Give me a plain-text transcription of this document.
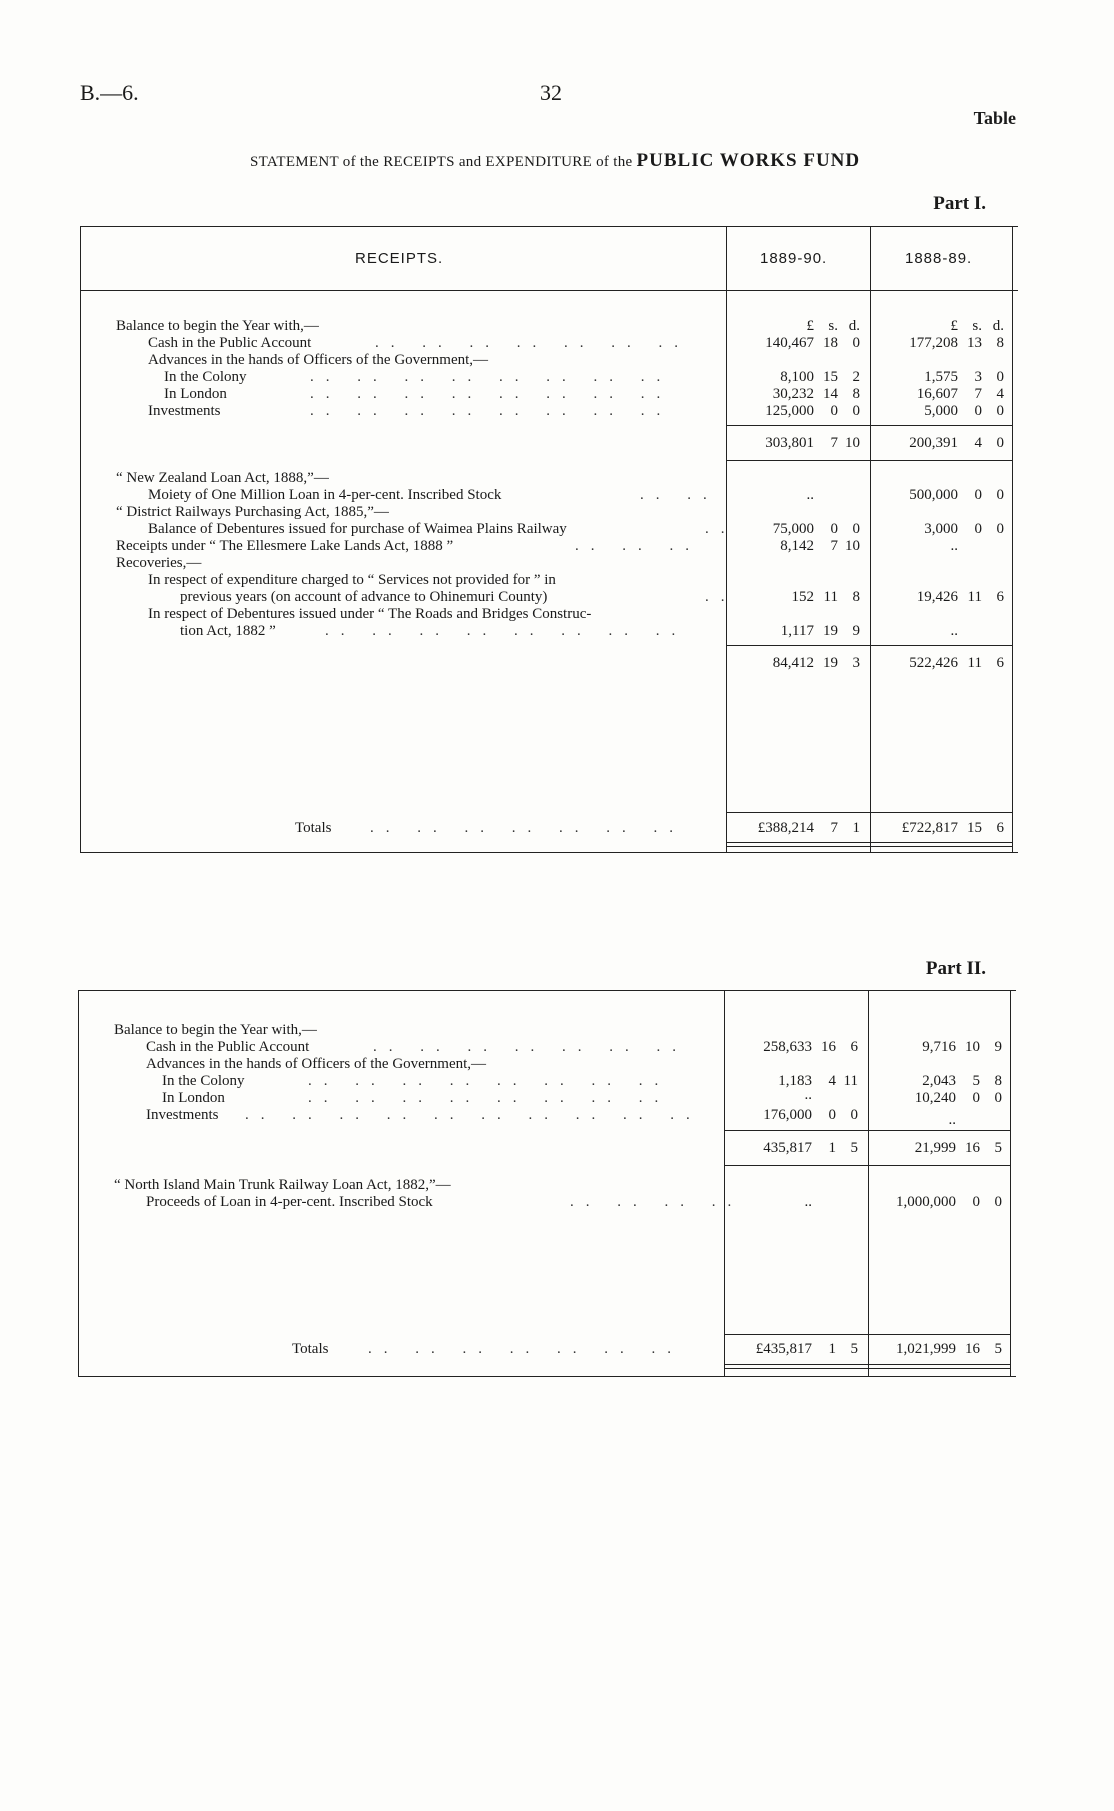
B.—6.	32
Table
STATEMENT of the RECEIPTS and EXPENDITURE of the PUBLIC WORKS FUND
Part I.
RECEIPTS.	1889-90.	1888-89.
£ s. d.	£ s. d.
Balance to begin the Year with,—
Cash in the Public Account	.. .. .. .. .. .. ..	140,467 18 0	177,208 13 8
Advances in the hands of Officers of the Government,—
In the Colony	.. .. .. .. .. .. .. ..	8,100 15 2	1,575 3 0
In London	.. .. .. .. .. .. .. ..	30,232 14 8	16,607 7 4
Investments	.. .. .. .. .. .. .. ..	125,000 0 0	5,000 0 0
303,801 7 10	200,391 4 0
“ New Zealand Loan Act, 1888,”—
Moiety of One Million Loan in 4-per-cent. Inscribed Stock	.. ..	..	500,000 0 0
“ District Railways Purchasing Act, 1885,”—
Balance of Debentures issued for purchase of Waimea Plains Railway	..	75,000 0 0	3,000 0 0
Receipts under “ The Ellesmere Lake Lands Act, 1888 ”	.. .. ..	8,142 7 10	..
Recoveries,—
In respect of expenditure charged to “ Services not provided for ” in
previous years (on account of advance to Ohinemuri County)	..	152 11 8	19,426 11 6
In respect of Debentures issued under “ The Roads and Bridges Construc-
tion Act, 1882 ”	.. .. .. .. .. .. .. ..	1,117 19 9	..
84,412 19 3	522,426 11 6
Totals	.. .. .. .. .. .. ..	£388,214 7 1	£722,817 15 6
Part II.
Balance to begin the Year with,—
Cash in the Public Account	.. .. .. .. .. .. ..	258,633 16 6	9,716 10 9
Advances in the hands of Officers of the Government,—
In the Colony	.. .. .. .. .. .. .. ..	1,183 4 11	2,043 5 8
In London	.. .. .. .. .. .. .. ..	..	10,240 0 0
Investments .. .. .. .. .. .. .. .. .. ..	176,000 0 0	..
435,817 1 5	21,999 16 5
“ North Island Main Trunk Railway Loan Act, 1882,”—
Proceeds of Loan in 4-per-cent. Inscribed Stock	.. .. .. ..	..	1,000,000 0 0
Totals	.. .. .. .. .. .. ..	£435,817 1 5	1,021,999 16 5
